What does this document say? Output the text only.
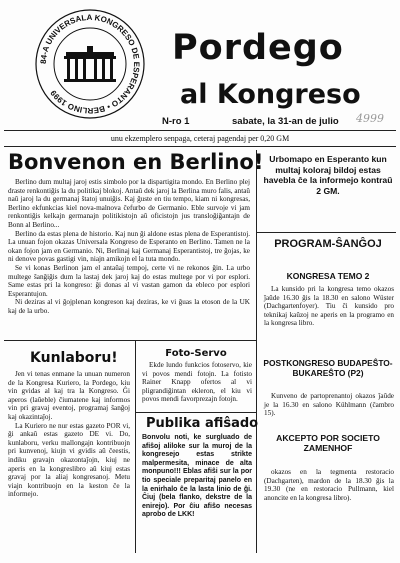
84-A UNIVERSALA KONGRESO DE ESPERANTO • BERLINO 1999
Pordego
al Kongreso
N-ro 1	sabate, la 31-an de julio 4999
unu ekzemplero senpaga, ceteraj pagendaj per 0,20 GM
Bonvenon en Berlino!

Berlino dum multaj jaroj estis simbolo por la dispartigita mondo. En Berlino plej draste renkontiĝis la du politikaj blokoj. Antaŭ dek jaroj la Berlina muro falis, antaŭ naŭ jaroj la du germanaj ŝtatoj unuiĝis. Kaj ĝuste en tiu tempo, kiam ni kongresas, Berlino ekfunkcias kiel nova-malnova ĉefurbo de Germanio. Eble survoje vi jam renkontiĝis kelkajn germanajn politikistojn aŭ oficistojn jus transloĝiĝantajn de Bonn al Berlino...

Berlino da estas plena de historio. Kaj nun ĝi aldone estas plena de Esperantistoj. La unuan fojon okazas Universala Kongreso de Esperanto en Berlino. Tamen ne la okan fojon jam en Germanio. Ni, Berlinaj kaj Germanaj Esperantistoj, tre ĝojas, ke ni denove povas gastigi vin, niajn amikojn el la tuta mondo.

Se vi konas Berlinon jam el antaŭaj tempoj, certe vi ne rekonos ĝin. La urbo multege ŝanĝiĝis dum la lastaj dek jaroj kaj do estas multege por vi por esplori. Same estas pri la kongreso: ĝi donas al vi vastan gamon da ebleco por esplori Esperantujon.

Ni deziras al vi ĝojplenan kongreson kaj deziras, ke vi ĝuas la etoson de la UK kaj de la urbo.

Kunlaboru!

Jen vi tenas enmane la unuan numeron de la Kongresa Kuriero, la Pordego, kiu vin gvidas al kaj tra la Kongreso. Ĝi aperos (laŭeble) ĉiumatene kaj informos vin pri gravaj eventoj, programaj ŝanĝoj kaj okazintaĵoj.

La Kuriero ne nur estas gazeto POR vi, ĝi ankaŭ estas gazeto DE vi. Do, kunlaboru, verku mallongajn kontribuojn pri kunvenoj, kiujn vi gvidis aŭ ĉeestis, indiku gravajn okazontaĵojn, kiuj ne aperis en la kongreslibro aŭ kiuj estas gravaj por la aliaj kongresanoj. Metu viajn kontribuojn en la keston ĉe la informejo.

Foto-Servo

Ekde lundo funkcios fotoservo, kie vi povos mendi fotojn. La fotisto Rainer Knapp ofertos al vi pligrandiĝintan ekleron, el kiu vi povos mendi favorprezajn fotojn.

Publika afiŝado

Bonvolu noti, ke surgluado de afiŝoj aliloke sur la muroj de la kongresejo estas strikte malpermesita, minace de alta monpuno!!! Eblas afiŝi sur la por tio speciale preparitaj panelo en la enirhalo ĉe la lasta linio de ĝi. Ĉiuj (bela flanko, dekstre de la enirejo). Por ĉiu afiŝo necesas aprobo de LKK!

Urbomapo en Esperanto kun multaj koloraj bildoj estas
havebla ĉe la informejo kontraŭ 2 GM.
PROGRAM-ŜANĜOJ
KONGRESA TEMO 2

La kunsido pri la kongresa temo okazos ĵaŭde 16.30 ĝis la 18.30 en salono Wüster (Dachgartenfoyer). Tiu ĉi kunsido pro teknikaj kaŭzoj ne aperis en la programo en la kongresa libro.

POSTKONGRESO BUDAPEŜTO-BUKAREŜTO (P2)

Kunveno de partoprenantoj okazos ĵaŭde je la 16.30 en salono Kühlmann (ĉambro 15).

AKCEPTO POR SOCIETO ZAMENHOF

okazos en la tegmenta restoracio (Dachgarten), mardon de la 18.30 ĝis la 19.30 (ne en restoracio Pullmann, kiel anoncite en la kongresa libro).
